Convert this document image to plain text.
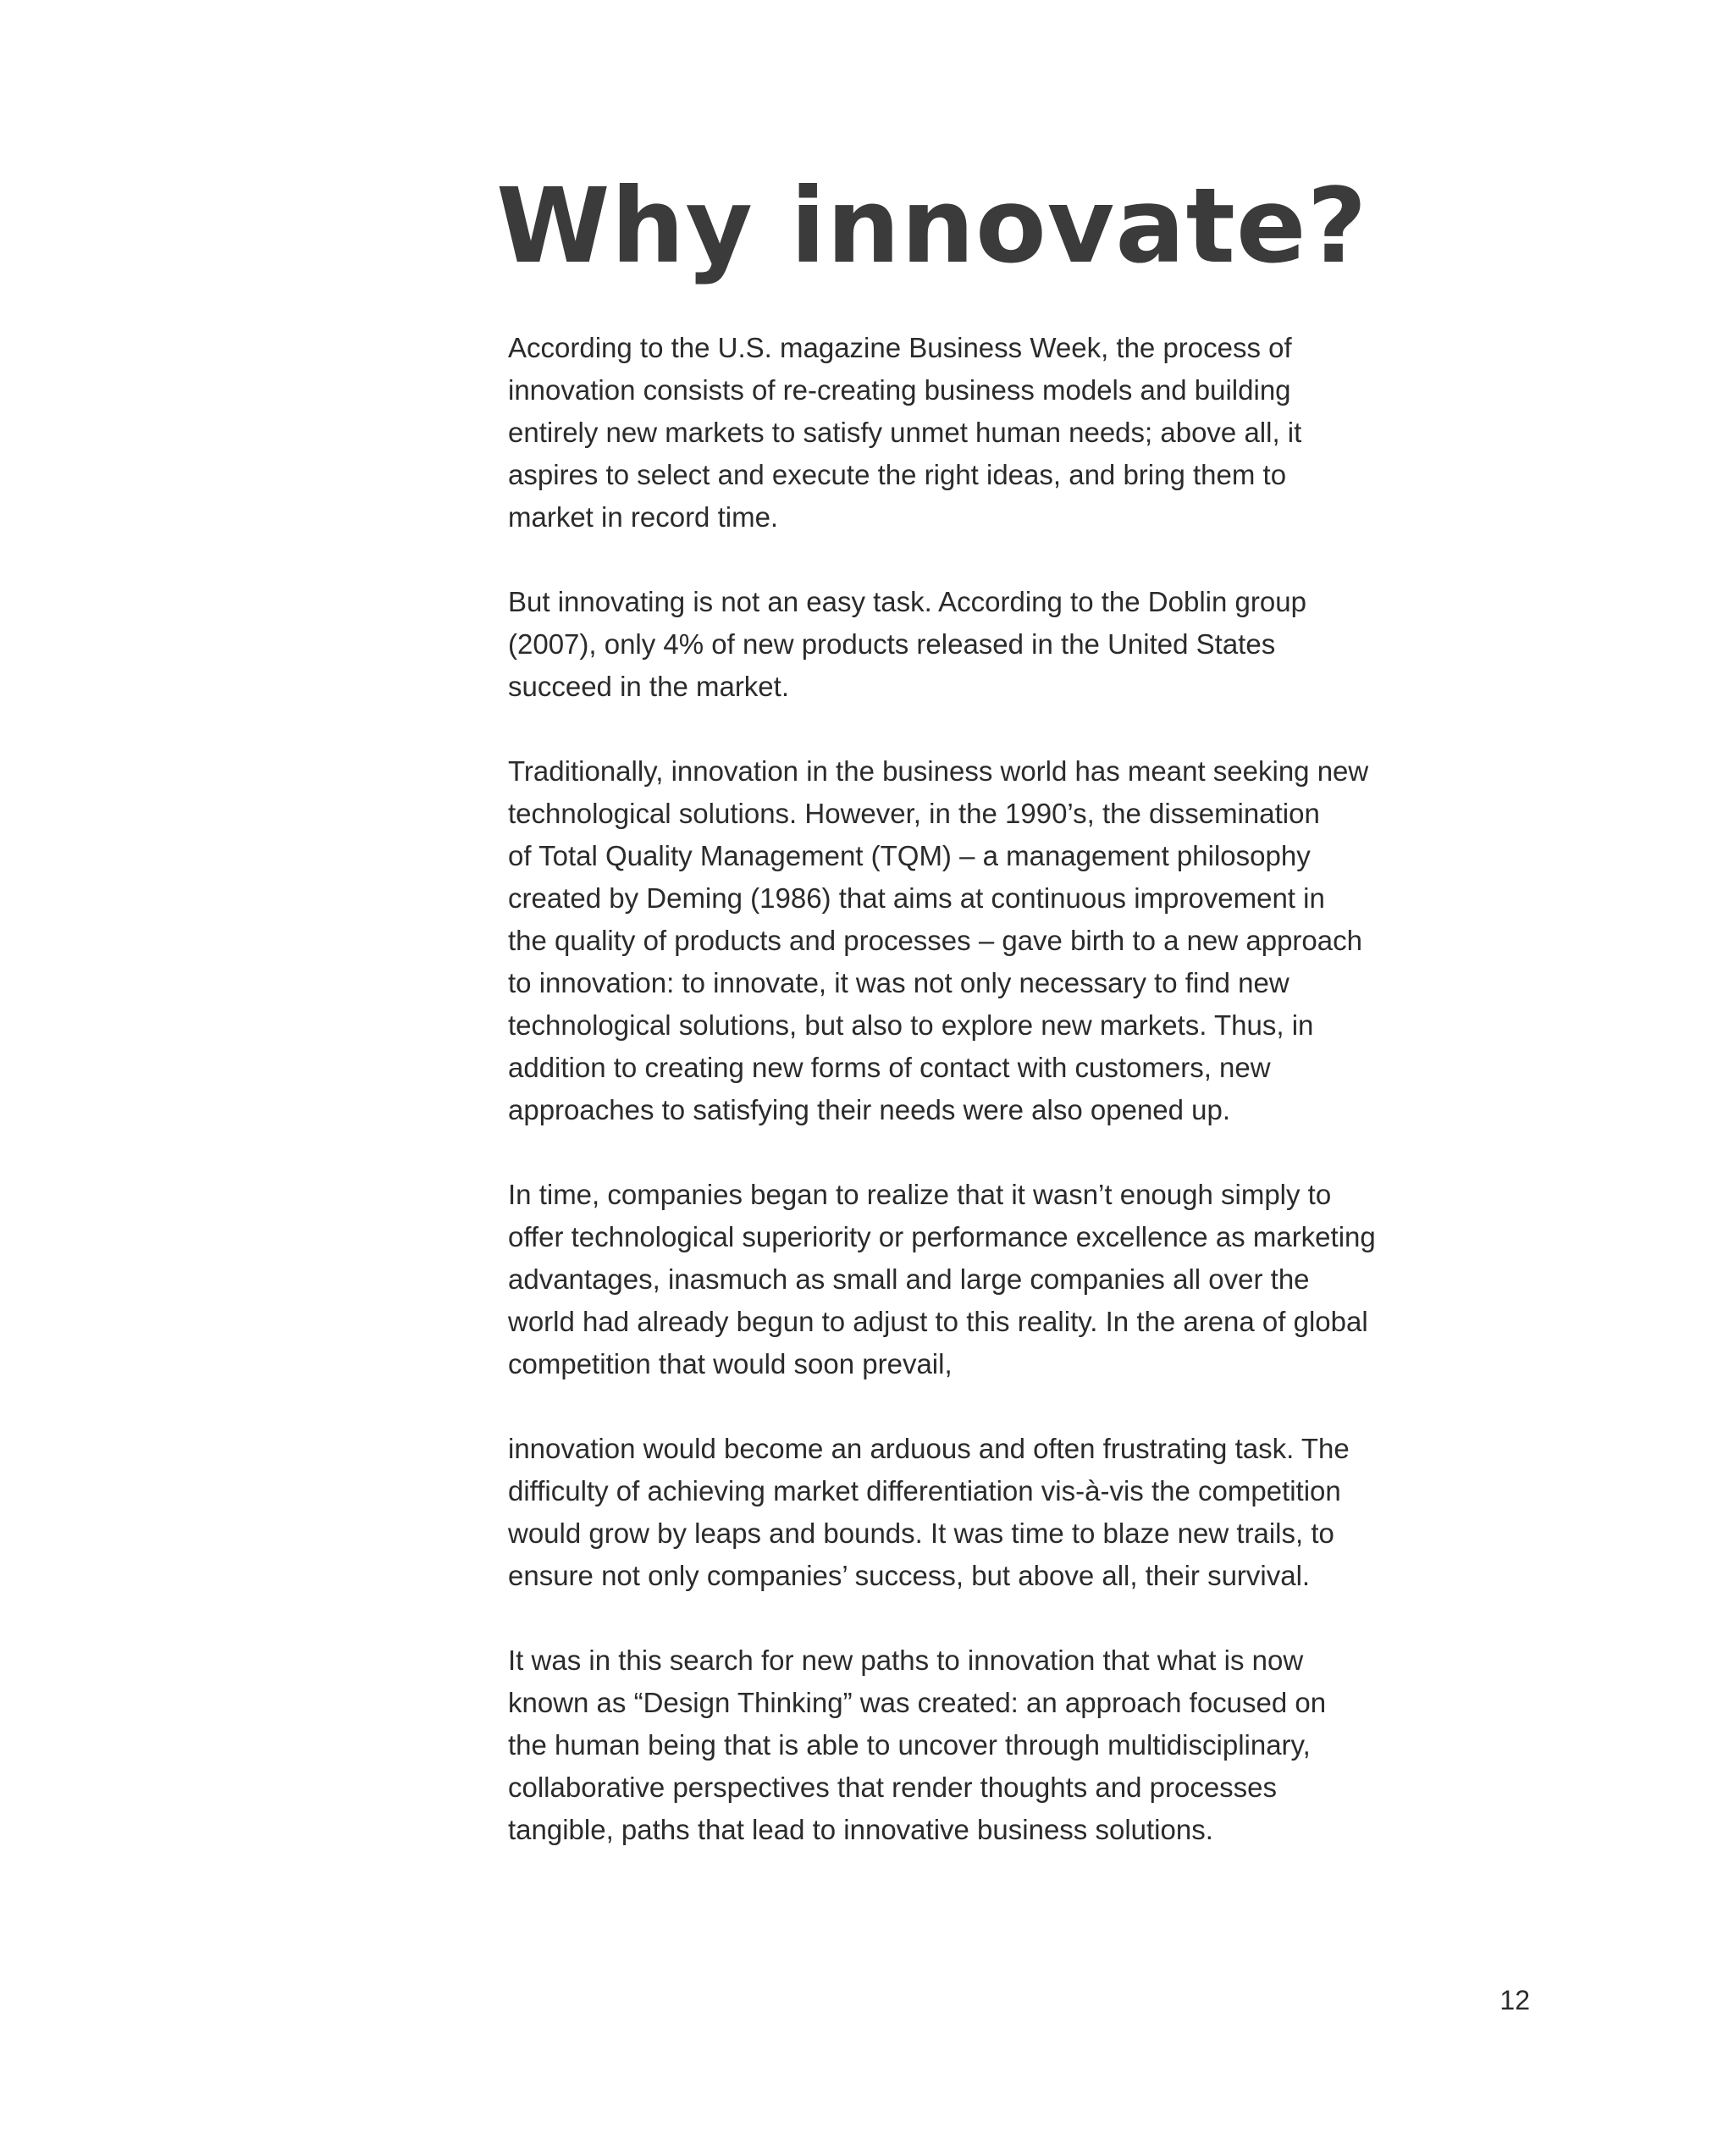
Why innovate?

According to the U.S. magazine Business Week, the process of
innovation consists of re-creating business models and building
entirely new markets to satisfy unmet human needs; above all, it
aspires to select and execute the right ideas, and bring them to
market in record time.

But innovating is not an easy task. According to the Doblin group
(2007), only 4% of new products released in the United States
succeed in the market.

Traditionally, innovation in the business world has meant seeking new
technological solutions. However, in the 1990’s, the dissemination
of Total Quality Management (TQM) – a management philosophy
created by Deming (1986) that aims at continuous improvement in
the quality of products and processes – gave birth to a new approach
to innovation: to innovate, it was not only necessary to find new
technological solutions, but also to explore new markets. Thus, in
addition to creating new forms of contact with customers, new
approaches to satisfying their needs were also opened up.

In time, companies began to realize that it wasn’t enough simply to
offer technological superiority or performance excellence as marketing
advantages, inasmuch as small and large companies all over the
world had already begun to adjust to this reality. In the arena of global
competition that would soon prevail,

innovation would become an arduous and often frustrating task. The
difficulty of achieving market differentiation vis-à-vis the competition
would grow by leaps and bounds. It was time to blaze new trails, to
ensure not only companies’ success, but above all, their survival.

It was in this search for new paths to innovation that what is now
known as “Design Thinking” was created: an approach focused on
the human being that is able to uncover through multidisciplinary,
collaborative perspectives that render thoughts and processes
tangible, paths that lead to innovative business solutions.

12
